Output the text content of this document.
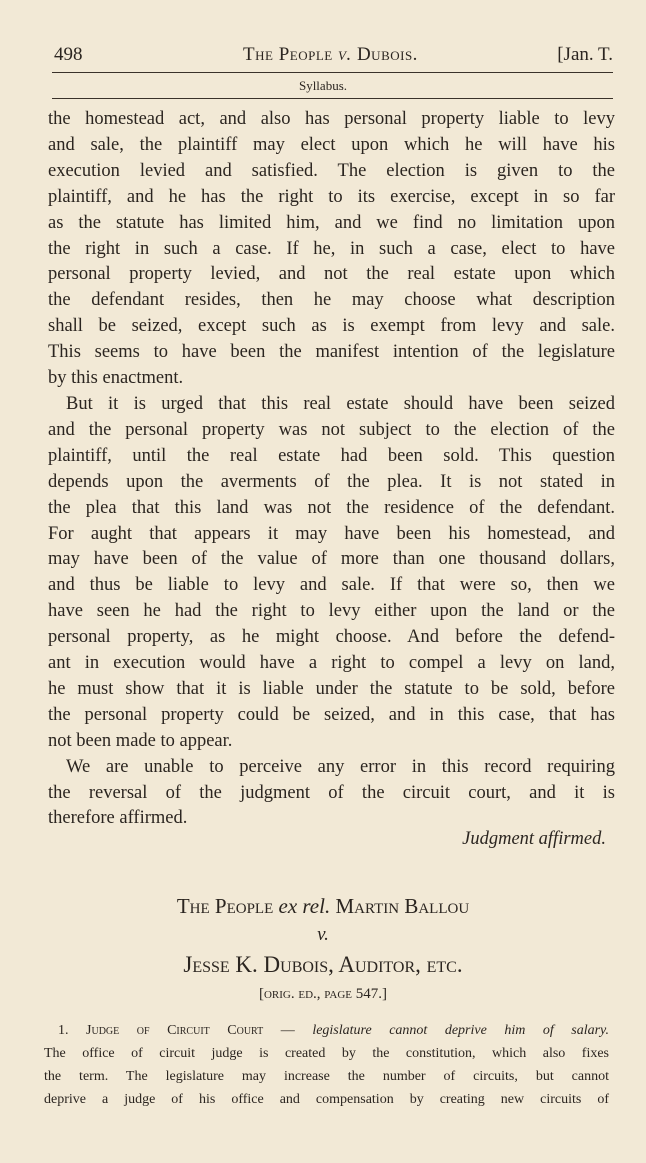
498	The People v. Dubois.	[Jan. T.
Syllabus.
the homestead act, and also has personal property liable to levy
and sale, the plaintiff may elect upon which he will have his
execution levied and satisfied. The election is given to the
plaintiff, and he has the right to its exercise, except in so far
as the statute has limited him, and we find no limitation upon
the right in such a case. If he, in such a case, elect to have
personal property levied, and not the real estate upon which
the defendant resides, then he may choose what description
shall be seized, except such as is exempt from levy and sale.
This seems to have been the manifest intention of the legislature
by this enactment.
But it is urged that this real estate should have been seized
and the personal property was not subject to the election of the
plaintiff, until the real estate had been sold. This question
depends upon the averments of the plea. It is not stated in
the plea that this land was not the residence of the defendant.
For aught that appears it may have been his homestead, and
may have been of the value of more than one thousand dollars,
and thus be liable to levy and sale. If that were so, then we
have seen he had the right to levy either upon the land or the
personal property, as he might choose. And before the defend-
ant in execution would have a right to compel a levy on land,
he must show that it is liable under the statute to be sold, before
the personal property could be seized, and in this case, that has
not been made to appear.
We are unable to perceive any error in this record requiring
the reversal of the judgment of the circuit court, and it is
therefore affirmed.
Judgment affirmed.
The People ex rel. Martin Ballou
v.
Jesse K. Dubois, Auditor, etc.
[orig. ed., page 547.]
1. Judge of Circuit Court — legislature cannot deprive him of salary.
The office of circuit judge is created by the constitution, which also fixes
the term. The legislature may increase the number of circuits, but cannot
deprive a judge of his office and compensation by creating new circuits of
